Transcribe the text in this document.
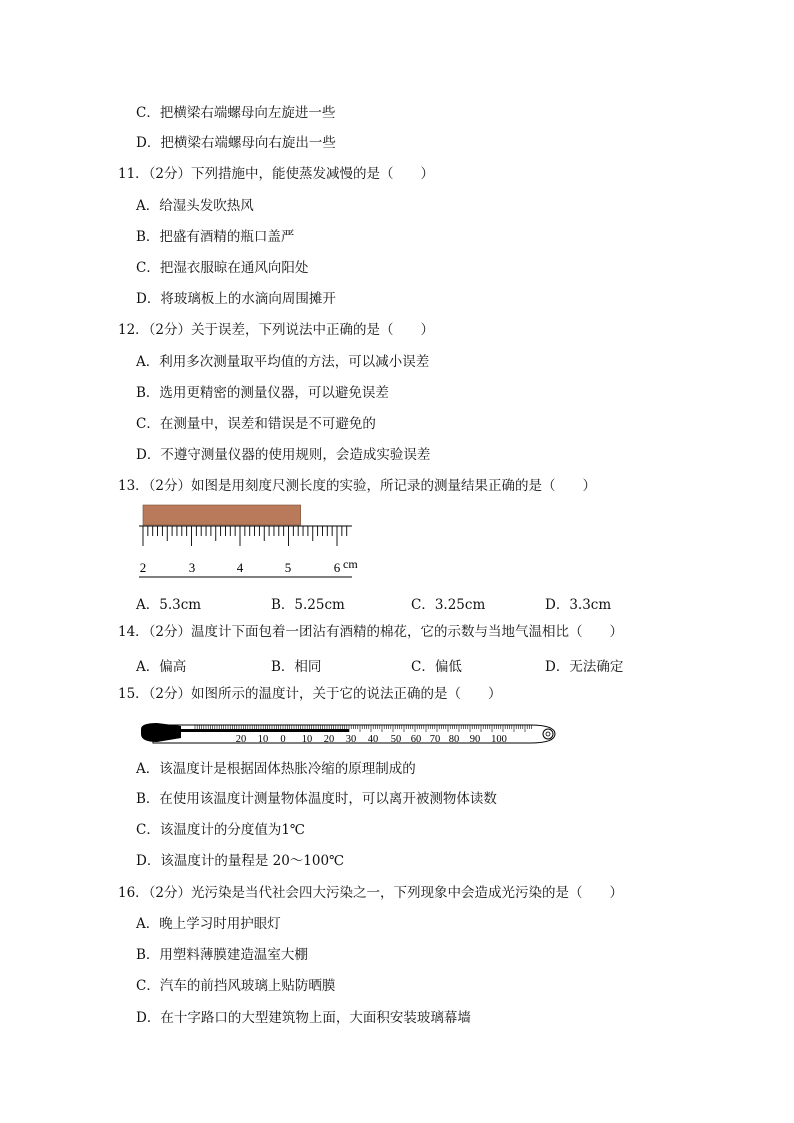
C．把横梁右端螺母向左旋进一些
D．把横梁右端螺母向右旋出一些
11．（2分）下列措施中，能使蒸发减慢的是（　　）
A．给湿头发吹热风
B．把盛有酒精的瓶口盖严
C．把湿衣服晾在通风向阳处
D．将玻璃板上的水滴向周围摊开
12．（2分）关于误差，下列说法中正确的是（　　）
A．利用多次测量取平均值的方法，可以减小误差
B．选用更精密的测量仪器，可以避免误差
C．在测量中，误差和错误是不可避免的
D．不遵守测量仪器的使用规则，会造成实验误差
13．（2分）如图是用刻度尺测长度的实验，所记录的测量结果正确的是（　　）
2	3	4	5	6 cm
A．5.3cm	B．5.25cm	C．3.25cm	D．3.3cm
14．（2分）温度计下面包着一团沾有酒精的棉花，它的示数与当地气温相比（　　）
A．偏高	B．相同	C．偏低	D．无法确定
15．（2分）如图所示的温度计，关于它的说法正确的是（　　）
20 10 0 10 20 30 40 50 60 70 80 90 100
A．该温度计是根据固体热胀冷缩的原理制成的
B．在使用该温度计测量物体温度时，可以离开被测物体读数
C．该温度计的分度值为1℃
D．该温度计的量程是 20～100℃
16．（2分）光污染是当代社会四大污染之一，下列现象中会造成光污染的是（　　）
A．晚上学习时用护眼灯
B．用塑料薄膜建造温室大棚
C．汽车的前挡风玻璃上贴防晒膜
D．在十字路口的大型建筑物上面，大面积安装玻璃幕墙
